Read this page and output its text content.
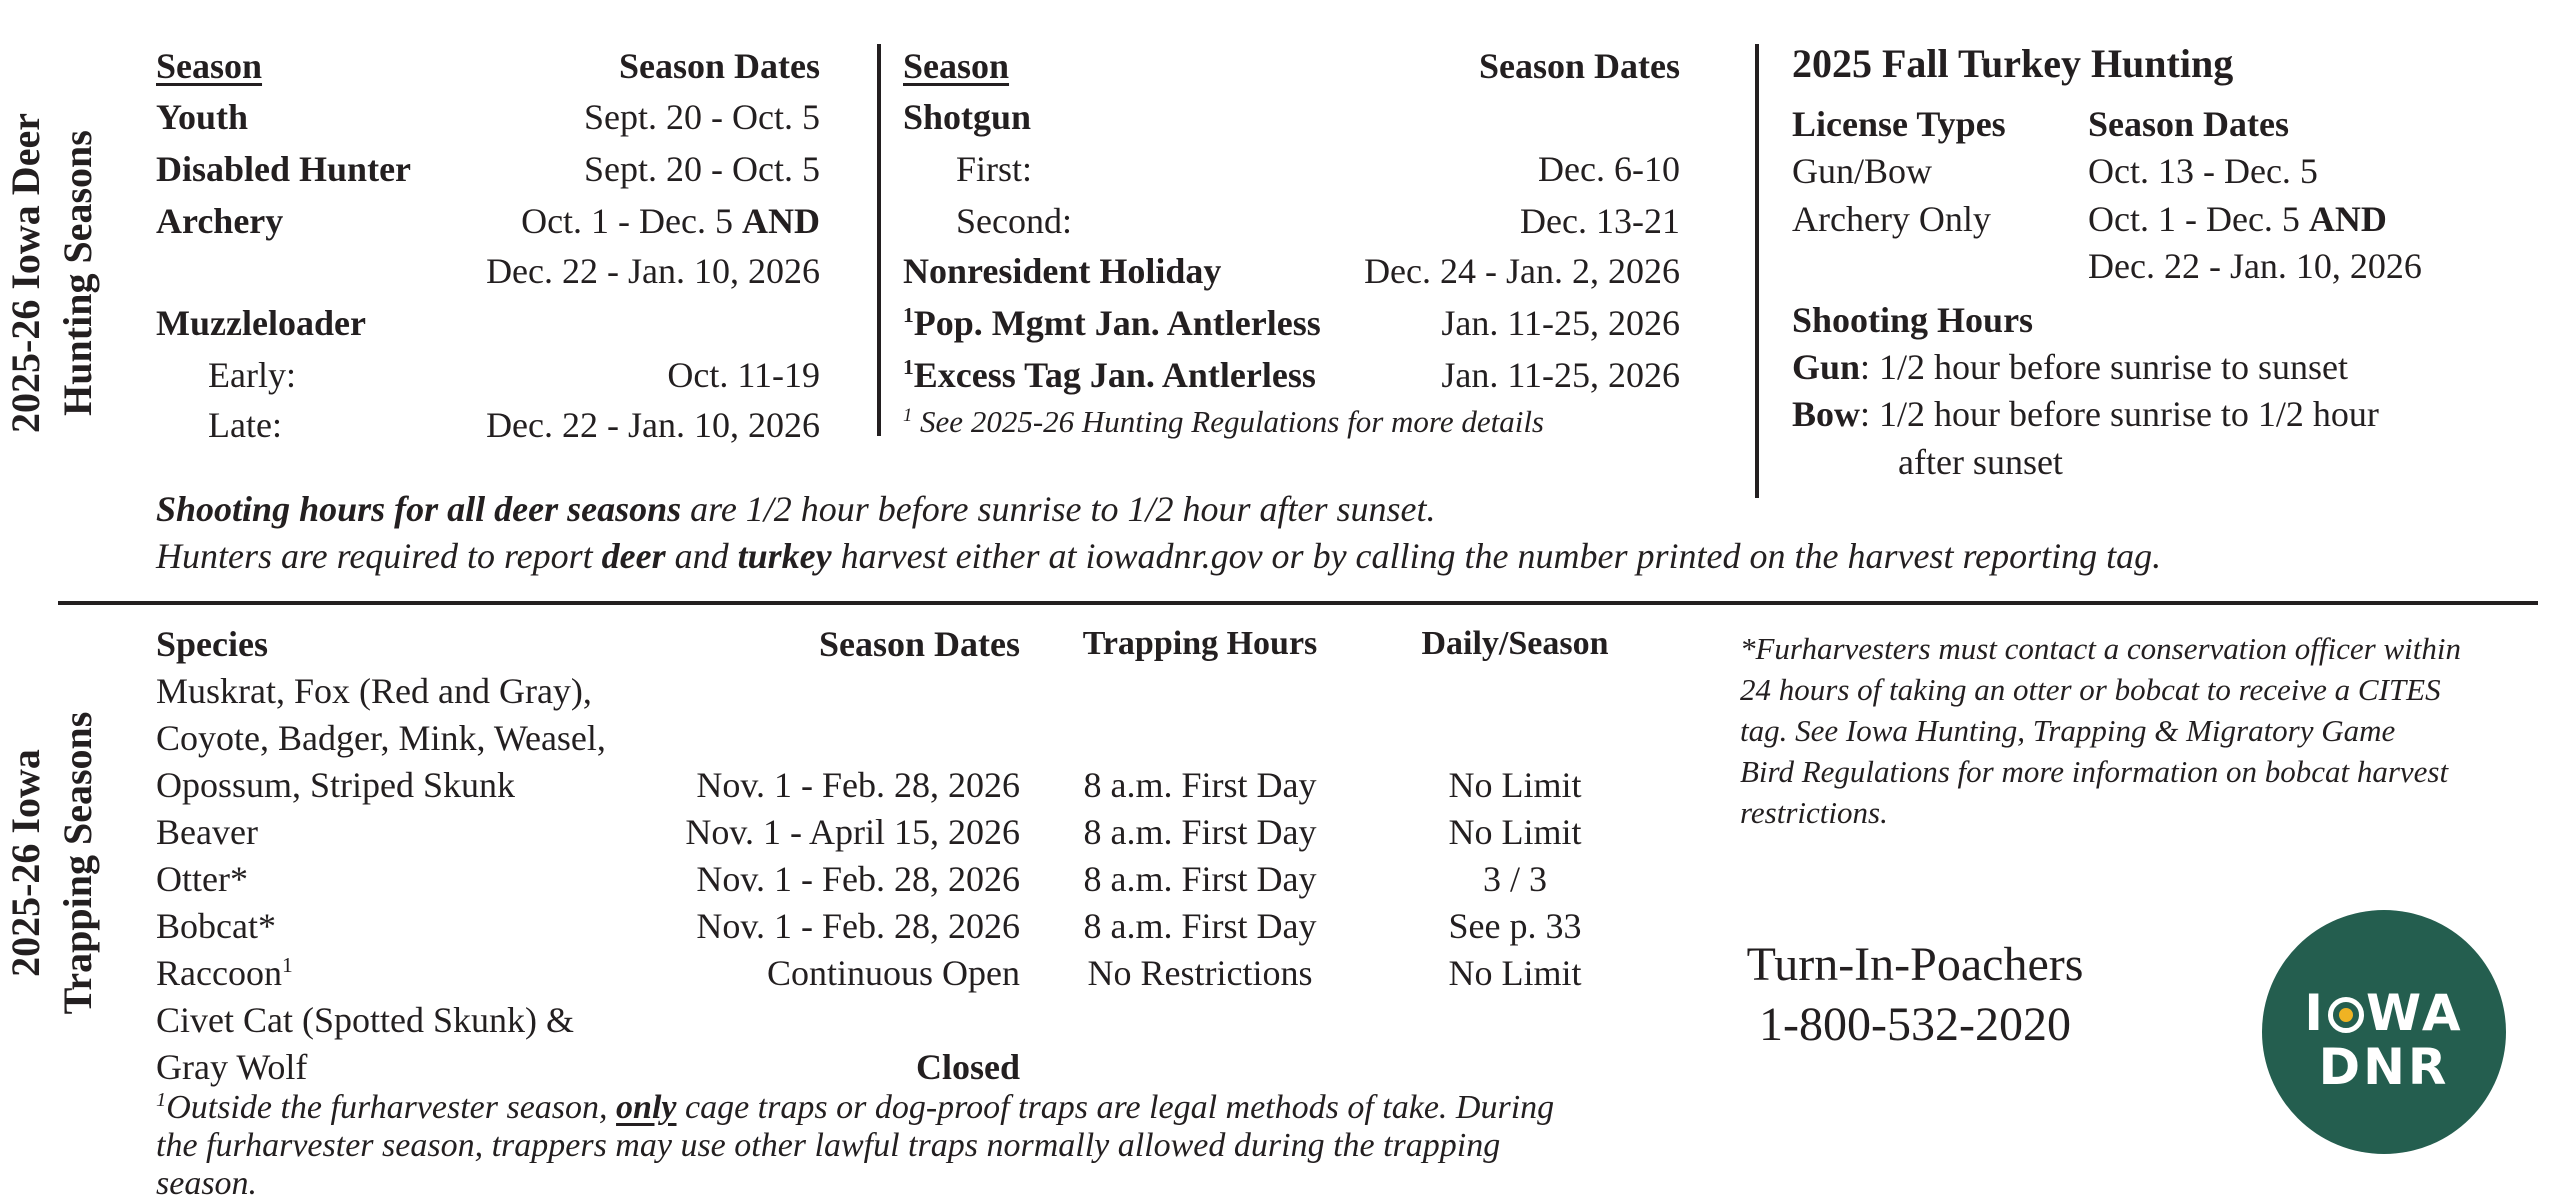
2025-26 Iowa Deer Hunting Seasons
Season	Season Dates
Youth	Sept. 20 - Oct. 5
Disabled Hunter	Sept. 20 - Oct. 5
Archery	Oct. 1 - Dec. 5 AND
Dec. 22 - Jan. 10, 2026
Muzzleloader
Early:	Oct. 11-19
Late:	Dec. 22 - Jan. 10, 2026
Season	Season Dates
Shotgun
First:	Dec. 6-10
Second:	Dec. 13-21
Nonresident Holiday	Dec. 24 - Jan. 2, 2026
$^1$Pop. Mgmt Jan. Antlerless	Jan. 11-25, 2026
$^1$Excess Tag Jan. Antlerless	Jan. 11-25, 2026
$^1$ See 2025-26 Hunting Regulations for more details
Shooting hours for all deer seasons are 1/2 hour before sunrise to 1/2 hour after sunset.
Hunters are required to report deer and turkey harvest either at iowadnr.gov or by calling the number printed on the harvest reporting tag.
2025 Fall Turkey Hunting
License Types Season Dates
Gun/Bow	Oct. 13 - Dec. 5
Archery Only	Oct. 1 - Dec. 5 AND
Dec. 22 - Jan. 10, 2026
Shooting Hours
Gun: 1/2 hour before sunrise to sunset
Bow: 1/2 hour before sunrise to 1/2 hour
after sunset
2025-26 Iowa Trapping Seasons
Species	Season Dates	Trapping Hours	Daily/Season
Muskrat, Fox (Red and Gray),
Coyote, Badger, Mink, Weasel,
Opossum, Striped Skunk	Nov. 1 - Feb. 28, 2026	8 a.m. First Day	No Limit
Beaver	Nov. 1 - April 15, 2026	8 a.m. First Day	No Limit
Otter*	Nov. 1 - Feb. 28, 2026	8 a.m. First Day	3 / 3
Bobcat*	Nov. 1 - Feb. 28, 2026	8 a.m. First Day	See p. 33
Raccoon$^1$	Continuous Open	No Restrictions	No Limit
Civet Cat (Spotted Skunk) &
Gray Wolf	Closed
$^1$Outside the furharvester season, only cage traps or dog-proof traps are legal methods of take. During
the furharvester season, trappers may use other lawful traps normally allowed during the trapping
season.
*Furharvesters must contact a conservation officer within
24 hours of taking an otter or bobcat to receive a CITES
tag. See Iowa Hunting, Trapping & Migratory Game
Bird Regulations for more information on bobcat harvest
restrictions.
Turn-In-Poachers
1-800-532-2020	I WA
DNR
